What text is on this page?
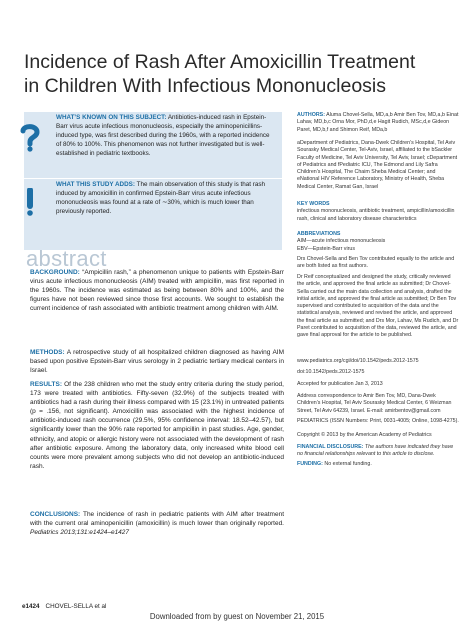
Incidence of Rash After Amoxicillin Treatment
in Children With Infectious Mononucleosis

WHAT’S KNOWN ON THIS SUBJECT: Antibiotics-induced rash in Epstein-Barr virus acute infectious mononucleosis, especially the aminopenicillins-induced type, was first described during the 1960s, with a reported incidence of 80% to 100%. This phenomenon was not further investigated but is well-established in pediatric textbooks.

WHAT THIS STUDY ADDS: The main observation of this study is that rash induced by amoxicillin in confirmed Epstein-Barr virus acute infectious mononucleosis was found at a rate of ∼30%, which is much lower than previously reported.

abstract
BACKGROUND: “Ampicillin rash,” a phenomenon unique to patients with Epstein-Barr virus acute infectious mononucleosis (AIM) treated with ampicillin, was first reported in the 1960s. The incidence was estimated as being between 80% and 100%, and the figures have not been reviewed since those first accounts. We sought to establish the current incidence of rash associated with antibiotic treatment among children with AIM.
METHODS: A retrospective study of all hospitalized children diagnosed as having AIM based upon positive Epstein-Barr virus serology in 2 pediatric tertiary medical centers in Israel.
RESULTS: Of the 238 children who met the study entry criteria during the study period, 173 were treated with antibiotics. Fifty-seven (32.9%) of the subjects treated with antibiotics had a rash during their illness compared with 15 (23.1%) in untreated patients (p = .156, not significant). Amoxicillin was associated with the highest incidence of antibiotic-induced rash occurrence (29.5%, 95% confidence interval: 18.52–42.57), but significantly lower than the 90% rate reported for ampicillin in past studies. Age, gender, ethnicity, and atopic or allergic history were not associated with the development of rash after antibiotic exposure. Among the laboratory data, only increased white blood cell counts were more prevalent among subjects who did not develop an antibiotic-induced rash.
CONCLUSIONS: The incidence of rash in pediatric patients with AIM after treatment with the current oral aminopenicillin (amoxicillin) is much lower than originally reported. Pediatrics 2013;131:e1424–e1427
AUTHORS: Aluma Chovel-Sella, MD,a,b Amir Ben Tov, MD,a,b Einat Lahav, MD,b,c Orna Mor, PhD,d,e Hagit Rudich, MSc,d,e Gideon Paret, MD,b,f and Shimon Reif, MDa,b
aDepartment of Pediatrics, Dana-Dwek Children’s Hospital, Tel Aviv Sourasky Medical Center, Tel-Aviv, Israel, affiliated to the bSackler Faculty of Medicine, Tel Aviv University, Tel Aviv, Israel; cDepartment of Pediatrics and fPediatric ICU, The Edmond and Lily Safra Children’s Hospital, The Chaim Sheba Medical Center; and eNational HIV Reference Laboratory, Ministry of Health, Sheba Medical Center, Ramat Gan, Israel
KEY WORDS
infectious mononucleosis, antibiotic treatment, ampicillin/amoxicillin rash, clinical and laboratory disease characteristics
ABBREVIATIONS
AIM—acute infectious mononucleosis
EBV—Epstein-Barr virus
Drs Chovel-Sella and Ben Tov contributed equally to the article and are both listed as first authors.
Dr Reif conceptualized and designed the study, critically reviewed the article, and approved the final article as submitted; Dr Chovel-Sella carried out the main data collection and analysis, drafted the initial article, and approved the final article as submitted; Dr Ben Tov supervised and contributed to acquisition of the data and the statistical analysis, reviewed and revised the article, and approved the final article as submitted; and Drs Mor, Lahav, Ms Rudich, and Dr Paret contributed to acquisition of the data, reviewed the article, and gave final approval for the article to be published.
www.pediatrics.org/cgi/doi/10.1542/peds.2012-1575
doi:10.1542/peds.2012-1575
Accepted for publication Jan 3, 2013
Address correspondence to Amir Ben Tov, MD, Dana-Dwek Children’s Hospital, Tel Aviv Sourasky Medical Center, 6 Weizman Street, Tel Aviv 64239, Israel. E-mail: amirbentov@gmail.com
PEDIATRICS (ISSN Numbers: Print, 0031-4005; Online, 1098-4275).
Copyright © 2013 by the American Academy of Pediatrics
FINANCIAL DISCLOSURE: The authors have indicated they have no financial relationships relevant to this article to disclose.
FUNDING: No external funding.
e1424 CHOVEL-SELLA et al
Downloaded from by guest on November 21, 2015
